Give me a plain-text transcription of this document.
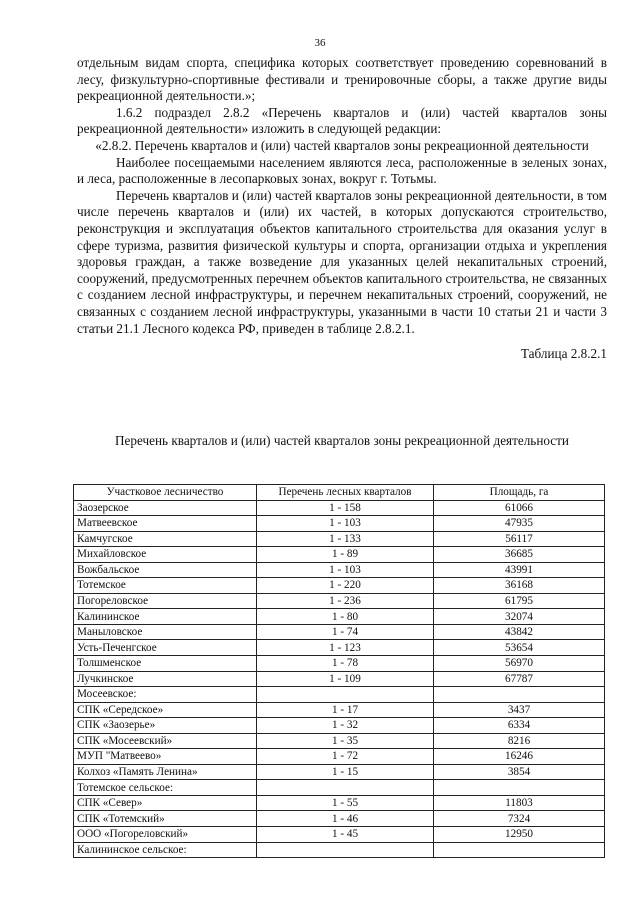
36

отдельным видам спорта, специфика которых соответствует проведению соревнований в лесу, физкультурно-спортивные фестивали и тренировочные сборы, а также другие виды рекреационной деятельности.»;

1.6.2 подраздел 2.8.2 «Перечень кварталов и (или) частей кварталов зоны рекреационной деятельности» изложить в следующей редакции:

«2.8.2. Перечень кварталов и (или) частей кварталов зоны рекреационной деятельности

Наиболее посещаемыми населением являются леса, расположенные в зеленых зонах, и леса, расположенные в лесопарковых зонах, вокруг г. Тотьмы.

Перечень кварталов и (или) частей кварталов зоны рекреационной деятельности, в том числе перечень кварталов и (или) их частей, в которых допускаются строительство, реконструкция и эксплуатация объектов капитального строительства для оказания услуг в сфере туризма, развития физической культуры и спорта, организации отдыха и укрепления здоровья граждан, а также возведение для указанных целей некапитальных строений, сооружений, предусмотренных перечнем объектов капитального строительства, не связанных с созданием лесной инфраструктуры, и перечнем некапитальных строений, сооружений, не связанных с созданием лесной инфраструктуры, указанными в части 10 статьи 21 и части 3 статьи 21.1 Лесного кодекса РФ, приведен в таблице 2.8.2.1.

Таблица 2.8.2.1

Перечень кварталов и (или) частей кварталов зоны рекреационной деятельности
Участковое лесничество	Перечень лесных кварталов	Площадь, га
Заозерское	1 - 158	61066
Матвеевское	1 - 103	47935
Камчугское	1 - 133	56117
Михайловское	1 - 89	36685
Вожбальское	1 - 103	43991
Тотемское	1 - 220	36168
Погореловское	1 - 236	61795
Калининское	1 - 80	32074
Маныловское	1 - 74	43842
Усть-Печенгское	1 - 123	53654
Толшменское	1 - 78	56970
Лучкинское	1 - 109	67787
Мосеевское:		
СПК «Середское»	1 - 17	3437
СПК «Заозерье»	1 - 32	6334
СПК «Мосеевский»	1 - 35	8216
МУП "Матвеево»	1 - 72	16246
Колхоз «Память Ленина»	1 - 15	3854
Тотемское сельское:		
СПК «Север»	1 - 55	11803
СПК «Тотемский»	1 - 46	7324
ООО «Погореловский»	1 - 45	12950
Калининское сельское:		
